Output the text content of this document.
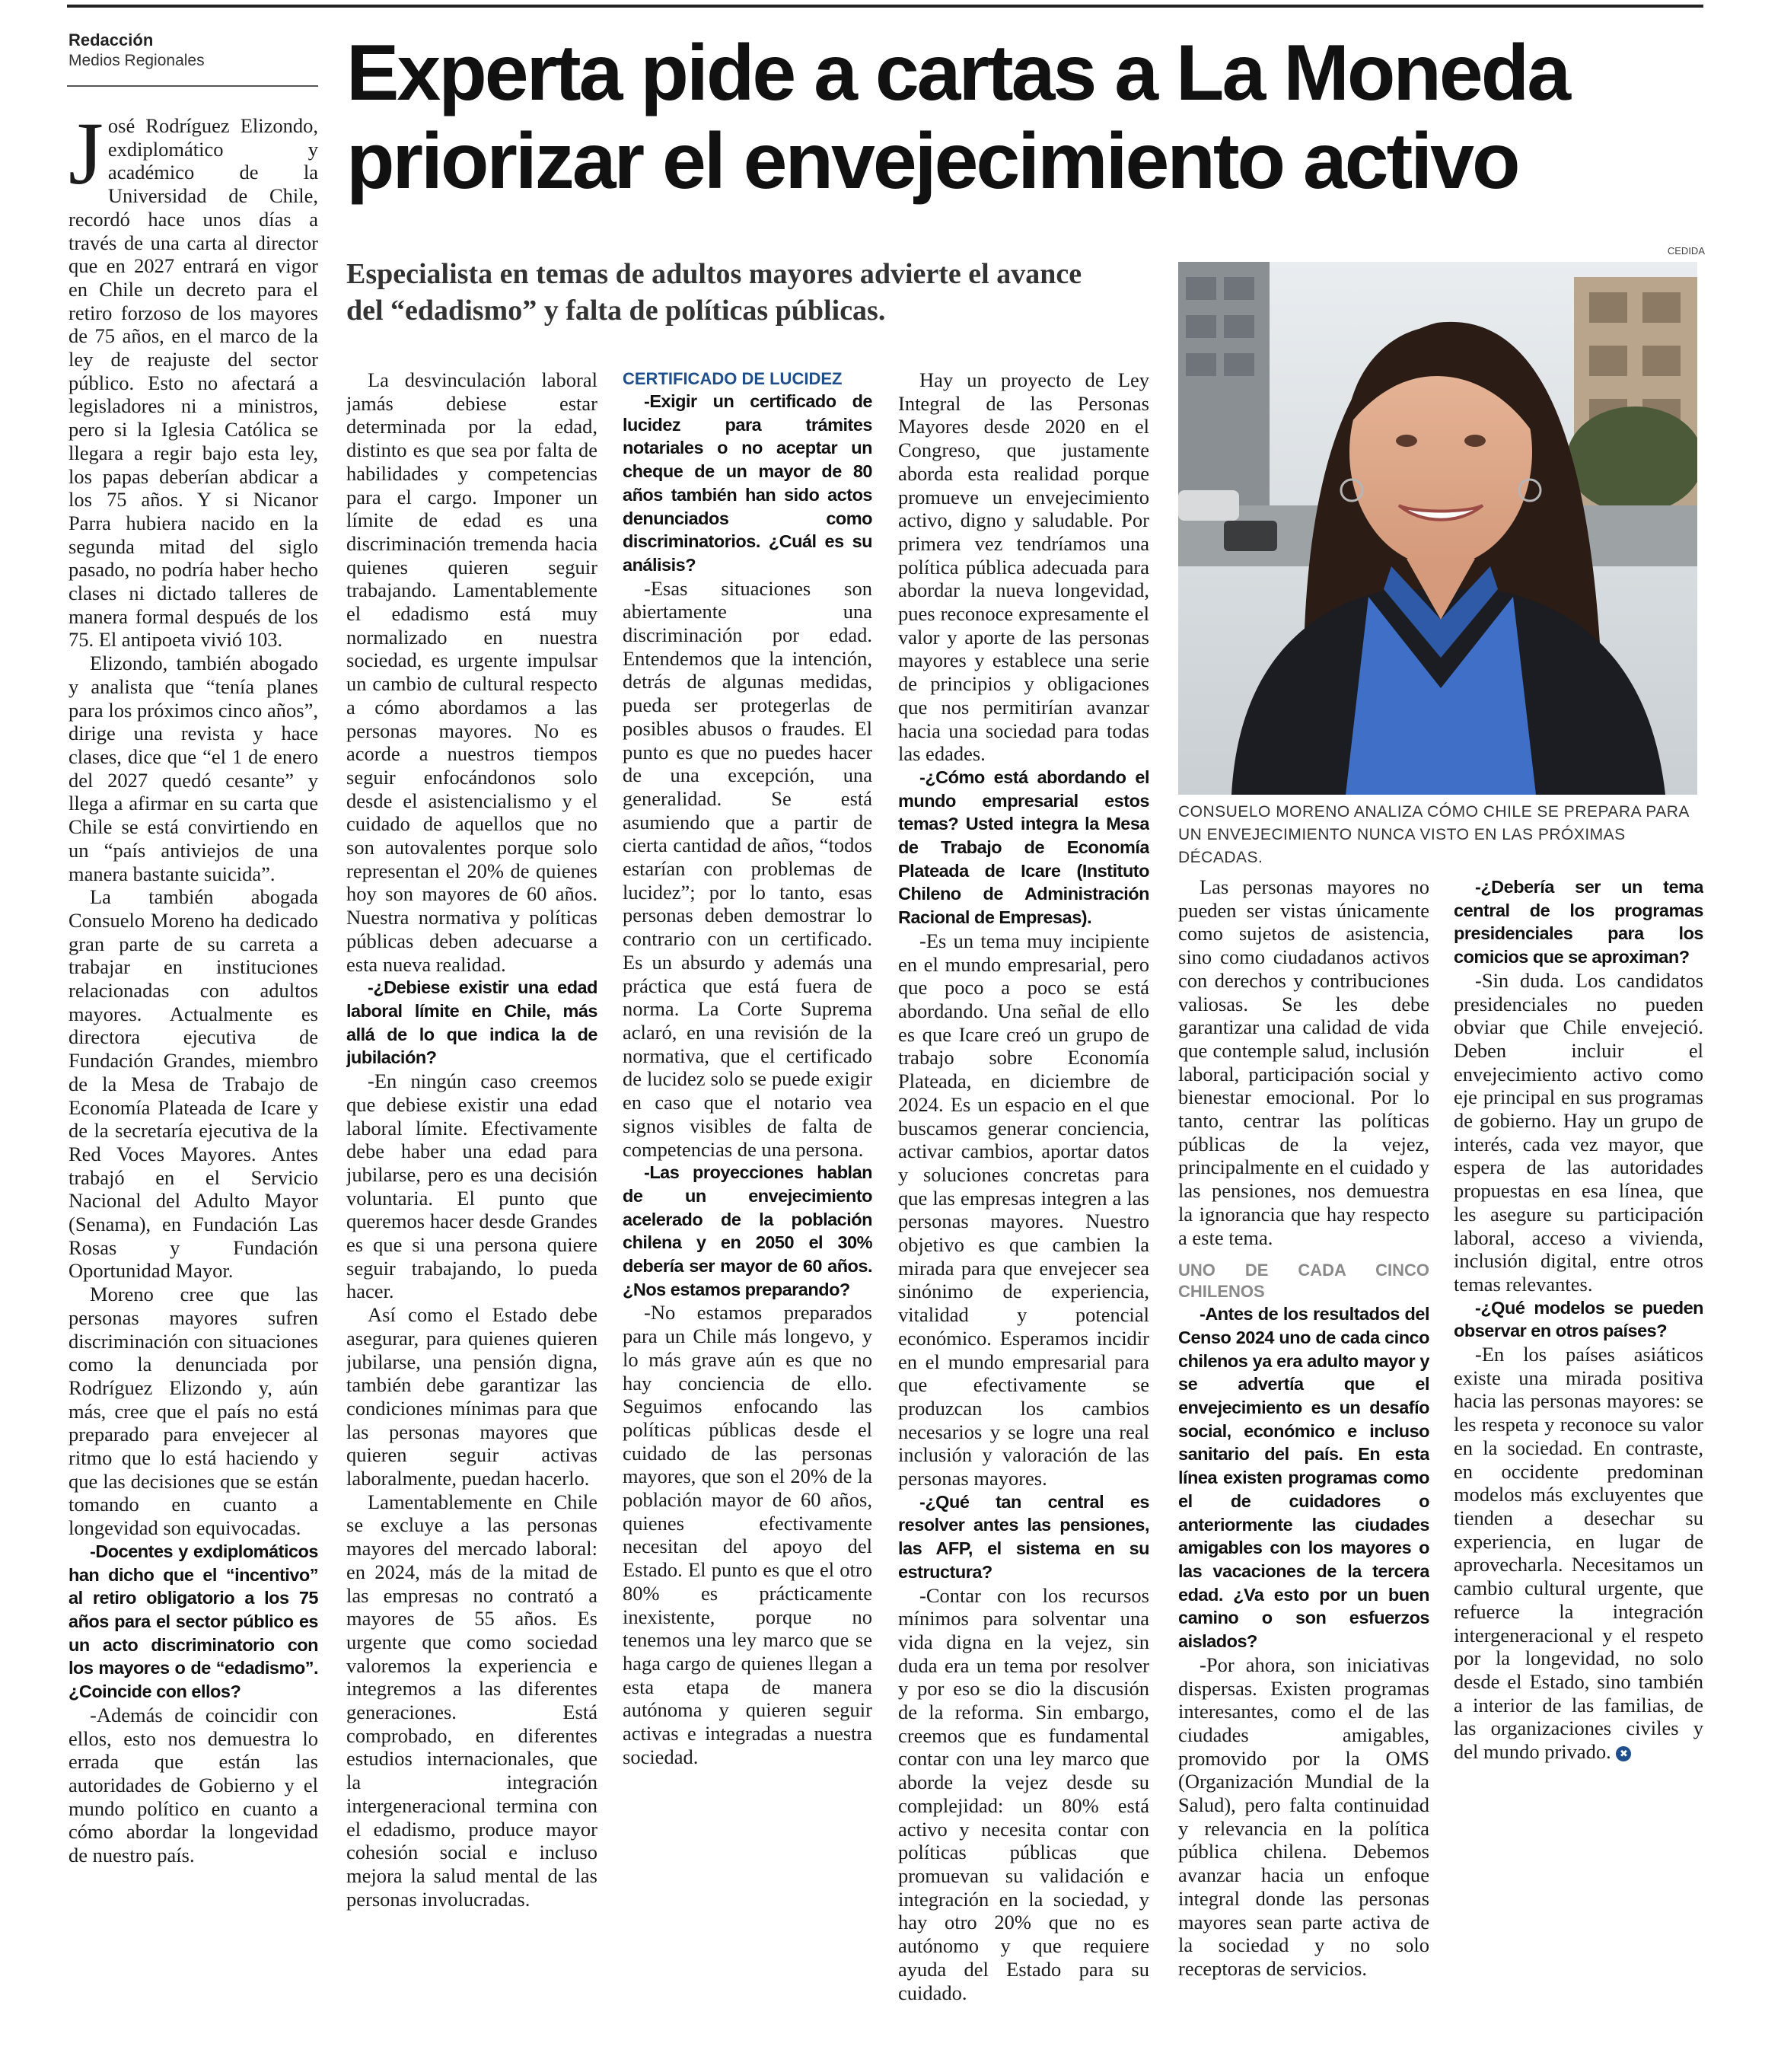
Redacción
Medios Regionales Experta pide a cartas a La Moneda priorizar el envejecimiento activo
Especialista en temas de adultos mayores advierte el avance del “edadismo” y falta de políticas públicas.
CEDIDA
CONSUELO MORENO ANALIZA CÓMO CHILE SE PREPARA PARA UN ENVEJECIMIENTO NUNCA VISTO EN LAS PRÓXIMAS DÉCADAS.

José Rodríguez Elizondo, exdiplomático y académico de la Universidad de Chile, recordó hace unos días a través de una carta al director que en 2027 entrará en vigor en Chile un decreto para el retiro forzoso de los mayores de 75 años, en el marco de la ley de reajuste del sector público. Esto no afectará a legisladores ni a ministros, pero si la Iglesia Católica se llegara a regir bajo esta ley, los papas deberían abdicar a los 75 años. Y si Nicanor Parra hubiera nacido en la segunda mitad del siglo pasado, no podría haber hecho clases ni dictado talleres de manera formal después de los 75. El antipoeta vivió 103.

Elizondo, también abogado y analista que “tenía planes para los próximos cinco años”, dirige una revista y hace clases, dice que “el 1 de enero del 2027 quedó cesante” y llega a afirmar en su carta que Chile se está convirtiendo en un “país antiviejos de una manera bastante suicida”.

La también abogada Consuelo Moreno ha dedicado gran parte de su carreta a trabajar en instituciones relacionadas con adultos mayores. Actualmente es directora ejecutiva de Fundación Grandes, miembro de la Mesa de Trabajo de Economía Plateada de Icare y de la secretaría ejecutiva de la Red Voces Mayores. Antes trabajó en el Servicio Nacional del Adulto Mayor (Senama), en Fundación Las Rosas y Fundación Oportunidad Mayor.

Moreno cree que las personas mayores sufren discriminación con situaciones como la denunciada por Rodríguez Elizondo y, aún más, cree que el país no está preparado para envejecer al ritmo que lo está haciendo y que las decisiones que se están tomando en cuanto a longevidad son equivocadas.

-Docentes y exdiplomáticos han dicho que el “incentivo” al retiro obligatorio a los 75 años para el sector público es un acto discriminatorio con los mayores o de “edadismo”. ¿Coincide con ellos?

-Además de coincidir con ellos, esto nos demuestra lo errada que están las autoridades de Gobierno y el mundo político en cuanto a cómo abordar la longevidad de nuestro país.

La desvinculación laboral jamás debiese estar determinada por la edad, distinto es que sea por falta de habilidades y competencias para el cargo. Imponer un límite de edad es una discriminación tremenda hacia quienes quieren seguir trabajando. Lamentablemente el edadismo está muy normalizado en nuestra sociedad, es urgente impulsar un cambio de cultural respecto a cómo abordamos a las personas mayores. No es acorde a nuestros tiempos seguir enfocándonos solo desde el asistencialismo y el cuidado de aquellos que no son autovalentes porque solo representan el 20% de quienes hoy son mayores de 60 años. Nuestra normativa y políticas públicas deben adecuarse a esta nueva realidad.

-¿Debiese existir una edad laboral límite en Chile, más allá de lo que indica la de jubilación?

-En ningún caso creemos que debiese existir una edad laboral límite. Efectivamente debe haber una edad para jubilarse, pero es una decisión voluntaria. El punto que queremos hacer desde Grandes es que si una persona quiere seguir trabajando, lo pueda hacer.

Así como el Estado debe asegurar, para quienes quieren jubilarse, una pensión digna, también debe garantizar las condiciones mínimas para que las personas mayores que quieren seguir activas laboralmente, puedan hacerlo.

Lamentablemente en Chile se excluye a las personas mayores del mercado laboral: en 2024, más de la mitad de las empresas no contrató a mayores de 55 años. Es urgente que como sociedad valoremos la experiencia e integremos a las diferentes generaciones. Está comprobado, en diferentes estudios internacionales, que la integración intergeneracional termina con el edadismo, produce mayor cohesión social e incluso mejora la salud mental de las personas involucradas.

CERTIFICADO DE LUCIDEZ

-Exigir un certificado de lucidez para trámites notariales o no aceptar un cheque de un mayor de 80 años también han sido actos denunciados como discriminatorios. ¿Cuál es su análisis?

-Esas situaciones son abiertamente una discriminación por edad. Entendemos que la intención, detrás de algunas medidas, pueda ser protegerlas de posibles abusos o fraudes. El punto es que no puedes hacer de una excepción, una generalidad. Se está asumiendo que a partir de cierta cantidad de años, “todos estarían con problemas de lucidez”; por lo tanto, esas personas deben demostrar lo contrario con un certificado. Es un absurdo y además una práctica que está fuera de norma. La Corte Suprema aclaró, en una revisión de la normativa, que el certificado de lucidez solo se puede exigir en caso que el notario vea signos visibles de falta de competencias de una persona.

-Las proyecciones hablan de un envejecimiento acelerado de la población chilena y en 2050 el 30% debería ser mayor de 60 años. ¿Nos estamos preparando?

-No estamos preparados para un Chile más longevo, y lo más grave aún es que no hay conciencia de ello. Seguimos enfocando las políticas públicas desde el cuidado de las personas mayores, que son el 20% de la población mayor de 60 años, quienes efectivamente necesitan del apoyo del Estado. El punto es que el otro 80% es prácticamente inexistente, porque no tenemos una ley marco que se haga cargo de quienes llegan a esta etapa de manera autónoma y quieren seguir activas e integradas a nuestra sociedad.

Hay un proyecto de Ley Integral de las Personas Mayores desde 2020 en el Congreso, que justamente aborda esta realidad porque promueve un envejecimiento activo, digno y saludable. Por primera vez tendríamos una política pública adecuada para abordar la nueva longevidad, pues reconoce expresamente el valor y aporte de las personas mayores y establece una serie de principios y obligaciones que nos permitirían avanzar hacia una sociedad para todas las edades.

-¿Cómo está abordando el mundo empresarial estos temas? Usted integra la Mesa de Trabajo de Economía Plateada de Icare (Instituto Chileno de Administración Racional de Empresas).

-Es un tema muy incipiente en el mundo empresarial, pero que poco a poco se está abordando. Una señal de ello es que Icare creó un grupo de trabajo sobre Economía Plateada, en diciembre de 2024. Es un espacio en el que buscamos generar conciencia, activar cambios, aportar datos y soluciones concretas para que las empresas integren a las personas mayores. Nuestro objetivo es que cambien la mirada para que envejecer sea sinónimo de experiencia, vitalidad y potencial económico. Esperamos incidir en el mundo empresarial para que efectivamente se produzcan los cambios necesarios y se logre una real inclusión y valoración de las personas mayores.

-¿Qué tan central es resolver antes las pensiones, las AFP, el sistema en su estructura?

-Contar con los recursos mínimos para solventar una vida digna en la vejez, sin duda era un tema por resolver y por eso se dio la discusión de la reforma. Sin embargo, creemos que es fundamental contar con una ley marco que aborde la vejez desde su complejidad: un 80% está activo y necesita contar con políticas públicas que promuevan su validación e integración en la sociedad, y hay otro 20% que no es autónomo y que requiere ayuda del Estado para su cuidado.

Las personas mayores no pueden ser vistas únicamente como sujetos de asistencia, sino como ciudadanos activos con derechos y contribuciones valiosas. Se les debe garantizar una calidad de vida que contemple salud, inclusión laboral, participación social y bienestar emocional. Por lo tanto, centrar las políticas públicas de la vejez, principalmente en el cuidado y las pensiones, nos demuestra la ignorancia que hay respecto a este tema.

UNO DE CADA CINCO CHILENOS

-Antes de los resultados del Censo 2024 uno de cada cinco chilenos ya era adulto mayor y se advertía que el envejecimiento es un desafío social, económico e incluso sanitario del país. En esta línea existen programas como el de cuidadores o anteriormente las ciudades amigables con los mayores o las vacaciones de la tercera edad. ¿Va esto por un buen camino o son esfuerzos aislados?

-Por ahora, son iniciativas dispersas. Existen programas interesantes, como el de las ciudades amigables, promovido por la OMS (Organización Mundial de la Salud), pero falta continuidad y relevancia en la política pública chilena. Debemos avanzar hacia un enfoque integral donde las personas mayores sean parte activa de la sociedad y no solo receptoras de servicios.

-¿Debería ser un tema central de los programas presidenciales para los comicios que se aproximan?

-Sin duda. Los candidatos presidenciales no pueden obviar que Chile envejeció. Deben incluir el envejecimiento activo como eje principal en sus programas de gobierno. Hay un grupo de interés, cada vez mayor, que espera de las autoridades propuestas en esa línea, que les asegure su participación laboral, acceso a vivienda, inclusión digital, entre otros temas relevantes.

-¿Qué modelos se pueden observar en otros países?

-En los países asiáticos existe una mirada positiva hacia las personas mayores: se les respeta y reconoce su valor en la sociedad. En contraste, en occidente predominan modelos más excluyentes que tienden a desechar su experiencia, en lugar de aprovecharla. Necesitamos un cambio cultural urgente, que refuerce la integración intergeneracional y el respeto por la longevidad, no solo desde el Estado, sino también a interior de las familias, de las organizaciones civiles y del mundo privado. ✖
